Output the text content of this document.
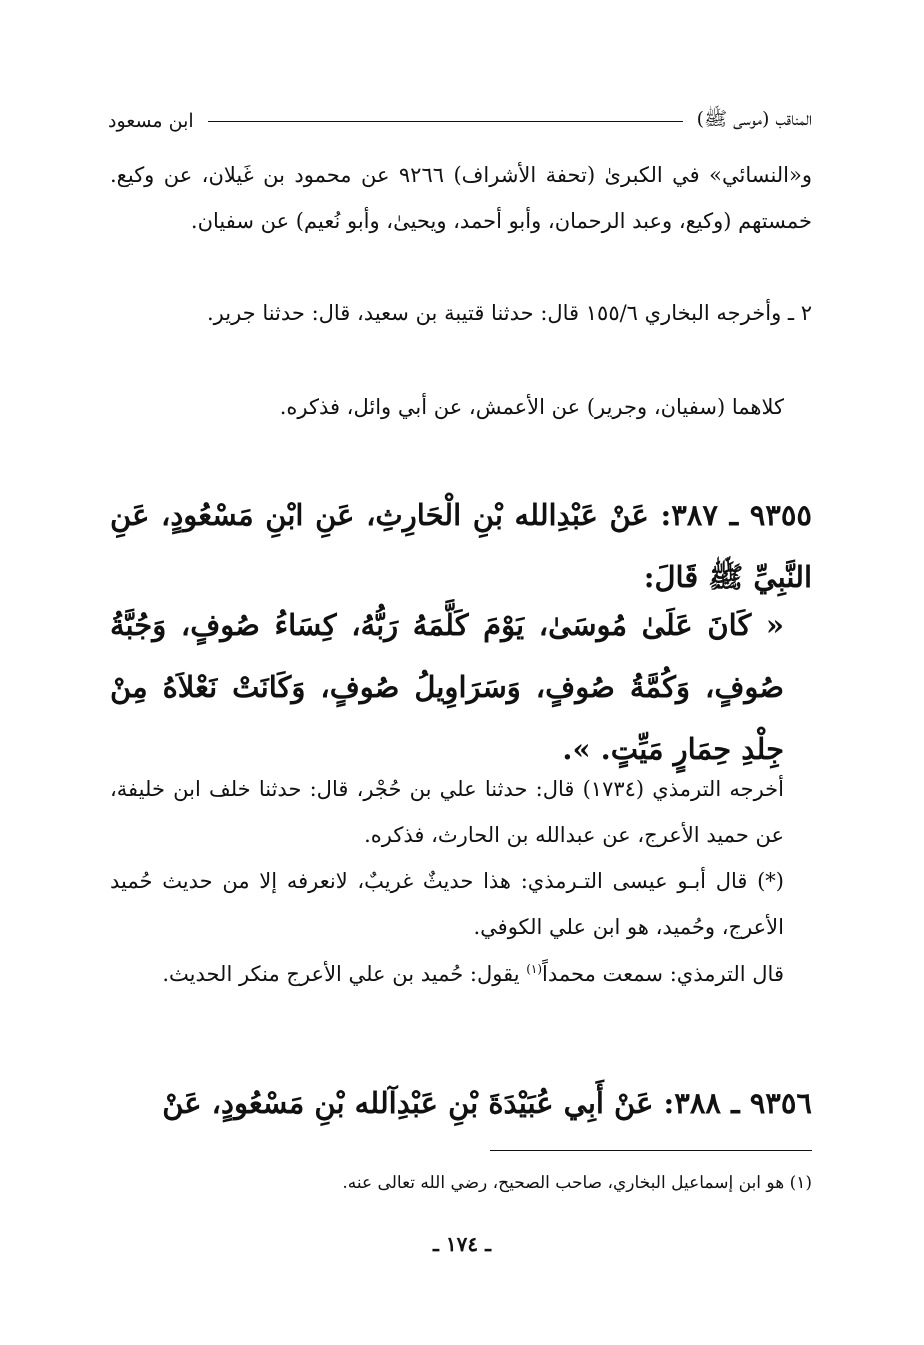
المناقب (موسى ﷺ)
ابن مسعود
و«النسائي» في الكبرىٰ (تحفة الأشراف) ٩٢٦٦ عن محمود بن غَيلان، عن وكيع. خمستهم (وكيع، وعبد الرحمان، وأبو أحمد، ويحيىٰ، وأبو نُعيم) عن سفيان.
٢ ـ وأخرجه البخاري ١٥٥/٦ قال: حدثنا قتيبة بن سعيد، قال: حدثنا جرير.
كلاهما (سفيان، وجرير) عن الأعمش، عن أبي وائل، فذكره.
٩٣٥٥ ـ ٣٨٧: عَنْ عَبْدِالله بْنِ الْحَارِثِ، عَنِ ابْنِ مَسْعُودٍ، عَنِ النَّبِيِّ ﷺ قَالَ:
« كَانَ عَلَىٰ مُوسَىٰ، يَوْمَ كَلَّمَهُ رَبُّهُ، كِسَاءُ صُوفٍ، وَجُبَّةُ صُوفٍ، وَكُمَّةُ صُوفٍ، وَسَرَاوِيلُ صُوفٍ، وَكَانَتْ نَعْلاَهُ مِنْ جِلْدِ حِمَارٍ مَيِّتٍ. ».
أخرجه الترمذي (١٧٣٤) قال: حدثنا علي بن حُجْر، قال: حدثنا خلف ابن خليفة، عن حميد الأعرج، عن عبدالله بن الحارث، فذكره.
(*) قال أبـو عيسى التـرمذي: هذا حديثٌ غريبٌ، لانعرفه إلا من حديث حُميد الأعرج، وحُميد، هو ابن علي الكوفي.
قال الترمذي: سمعت محمداً$^{(١)}$ يقول: حُميد بن علي الأعرج منكر الحديث.
٩٣٥٦ ـ ٣٨٨: عَنْ أَبِي عُبَيْدَةَ بْنِ عَبْدِآلله بْنِ مَسْعُودٍ، عَنْ
(١) هو ابن إسماعيل البخاري، صاحب الصحيح، رضي الله تعالى عنه.
ـ ١٧٤ ـ
